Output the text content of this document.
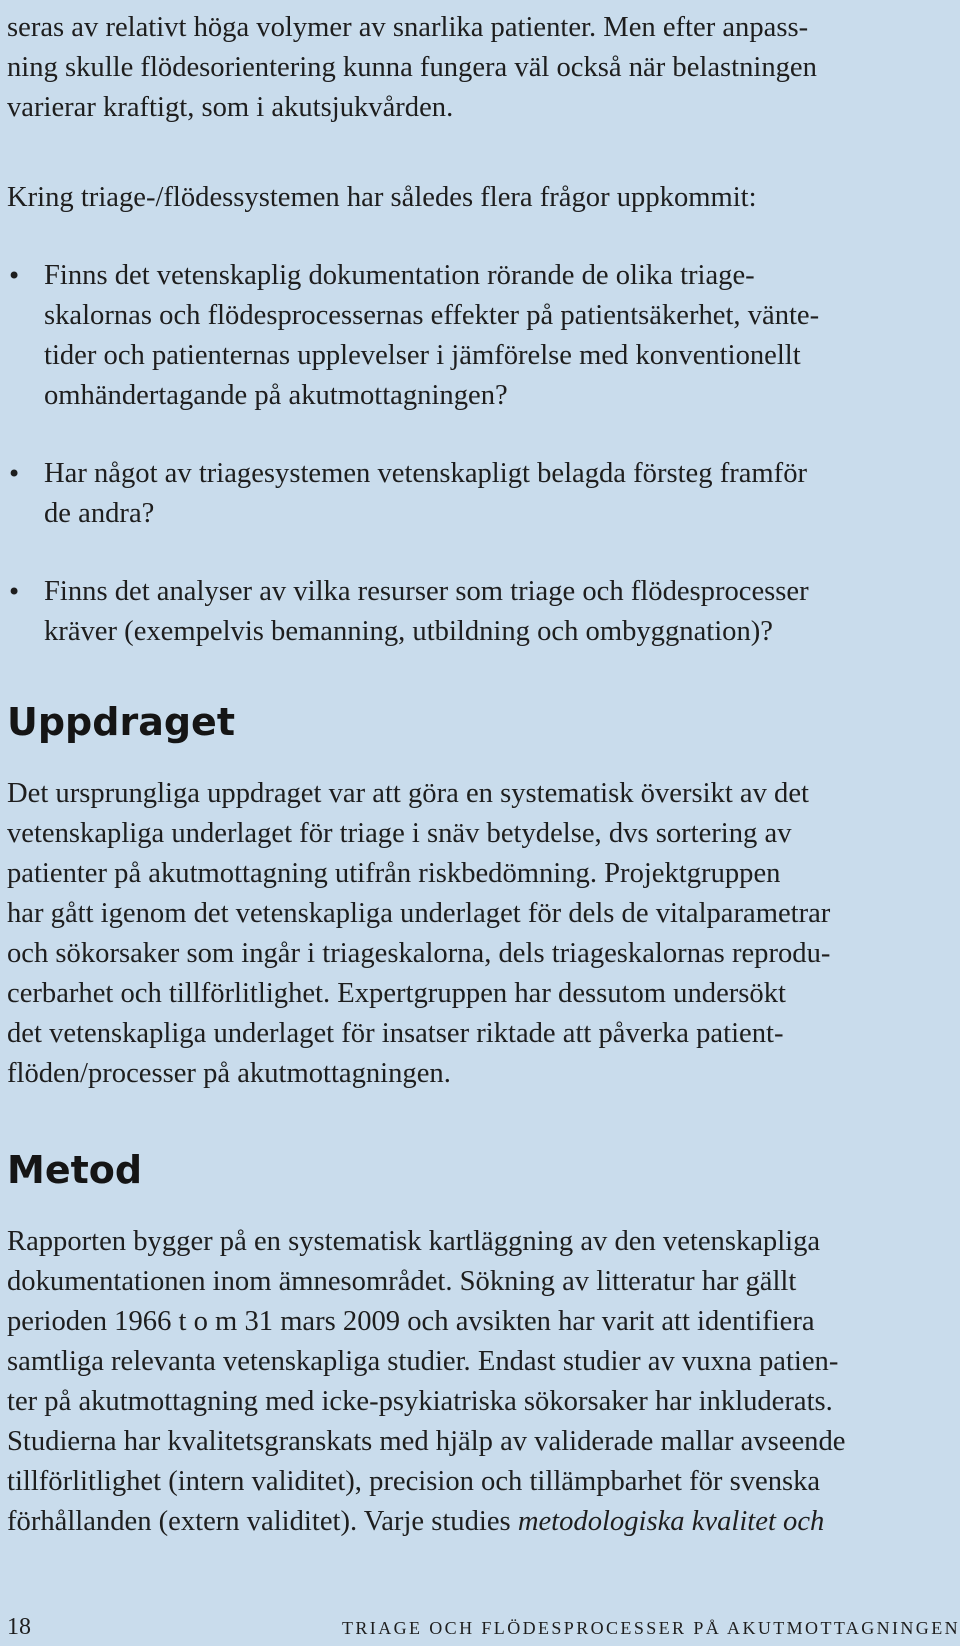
seras av relativt höga volymer av snarlika patienter. Men efter anpass-
ning skulle flödesorientering kunna fungera väl också när belastningen
varierar kraftigt, som i akutsjukvården.

Kring triage-/flödessystemen har således flera frågor uppkommit:

• Finns det vetenskaplig dokumentation rörande de olika triage-
skalornas och flödesprocessernas effekter på patientsäkerhet, vänte-
tider och patienternas upplevelser i jämförelse med konventionellt
omhändertagande på akutmottagningen?
• Har något av triagesystemen vetenskapligt belagda försteg framför
de andra?
• Finns det analyser av vilka resurser som triage och flödesprocesser
kräver (exempelvis bemanning, utbildning och ombyggnation)?
Uppdraget

Det ursprungliga uppdraget var att göra en systematisk översikt av det
vetenskapliga underlaget för triage i snäv betydelse, dvs sortering av
patienter på akutmottagning utifrån riskbedömning. Projektgruppen
har gått igenom det vetenskapliga underlaget för dels de vitalparametrar
och sökorsaker som ingår i triageskalorna, dels triageskalornas reprodu-
cerbarhet och tillförlitlighet. Expertgruppen har dessutom undersökt
det vetenskapliga underlaget för insatser riktade att påverka patient-
flöden/processer på akutmottagningen.

Metod

Rapporten bygger på en systematisk kartläggning av den vetenskapliga
dokumentationen inom ämnesområdet. Sökning av litteratur har gällt
perioden 1966 t o m 31 mars 2009 och avsikten har varit att identifiera
samtliga relevanta vetenskapliga studier. Endast studier av vuxna patien-
ter på akutmottagning med icke-psykiatriska sökorsaker har inkluderats.
Studierna har kvalitetsgranskats med hjälp av validerade mallar avseende
tillförlitlighet (intern validitet), precision och tillämpbarhet för svenska
förhållanden (extern validitet). Varje studies metodologiska kvalitet och

18	TRIAGE OCH FLÖDESPROCESSER PÅ AKUTMOTTAGNINGEN
